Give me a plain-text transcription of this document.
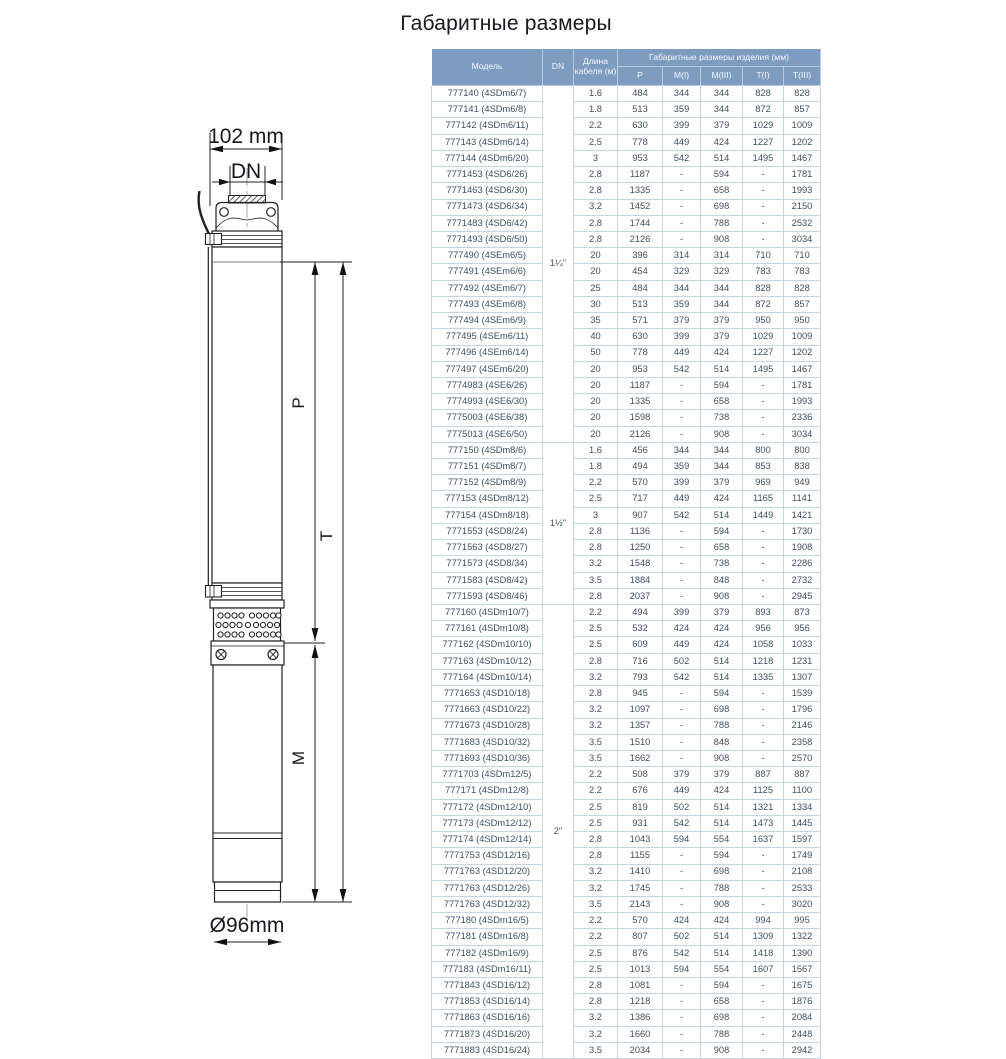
Габаритные размеры
102 mm
DN
P
M
T
Ø96mm
Модель	DN	Длина кабеля (м)	Габаритные размеры изделия (мм)				
			P	M(I)	M(III)	T(I)	T(III)
777140 (4SDm6/7)	1¼"	1.6	484	344	344	828	828
777141 (4SDm6/8)		1.8	513	359	344	872	857
777142 (4SDm6/11)		2.2	630	399	379	1029	1009
777143 (4SDm6/14)		2.5	778	449	424	1227	1202
777144 (4SDm6/20)		3	953	542	514	1495	1467
7771453 (4SD6/26)		2.8	1187	-	594	-	1781
7771463 (4SD6/30)		2.8	1335	-	658	-	1993
7771473 (4SD6/34)		3.2	1452	-	698	-	2150
7771483 (4SD6/42)		2.8	1744	-	788	-	2532
7771493 (4SD6/50)		2.8	2126	-	908	-	3034
777490 (4SEm6/5)		20	396	314	314	710	710
777491 (4SEm6/6)		20	454	329	329	783	783
777492 (4SEm6/7)		25	484	344	344	828	828
777493 (4SEm6/8)		30	513	359	344	872	857
777494 (4SEm6/9)		35	571	379	379	950	950
777495 (4SEm6/11)		40	630	399	379	1029	1009
777496 (4SEm6/14)		50	778	449	424	1227	1202
777497 (4SEm6/20)		20	953	542	514	1495	1467
7774983 (4SE6/26)		20	1187	-	594	-	1781
7774993 (4SE6/30)		20	1335	-	658	-	1993
7775003 (4SE6/38)		20	1598	-	738	-	2336
7775013 (4SE6/50)		20	2126	-	908	-	3034
777150 (4SDm8/6)	1½"	1.6	456	344	344	800	800
777151 (4SDm8/7)		1.8	494	359	344	853	838
777152 (4SDm8/9)		2.2	570	399	379	969	949
777153 (4SDm8/12)		2.5	717	449	424	1165	1141
777154 (4SDm8/18)		3	907	542	514	1449	1421
7771553 (4SD8/24)		2.8	1136	-	594	-	1730
7771563 (4SD8/27)		2.8	1250	-	658	-	1908
7771573 (4SD8/34)		3.2	1548	-	738	-	2286
7771583 (4SD8/42)		3.5	1884	-	848	-	2732
7771593 (4SD8/46)		2.8	2037	-	908	-	2945
777160 (4SDm10/7)	2"	2.2	494	399	379	893	873
777161 (4SDm10/8)		2.5	532	424	424	956	956
777162 (4SDm10/10)		2.5	609	449	424	1058	1033
777163 (4SDm10/12)		2.8	716	502	514	1218	1231
777164 (4SDm10/14)		3.2	793	542	514	1335	1307
7771653 (4SD10/18)		2.8	945	-	594	-	1539
7771663 (4SD10/22)		3.2	1097	-	698	-	1796
7771673 (4SD10/28)		3.2	1357	-	788	-	2146
7771683 (4SD10/32)		3.5	1510	-	848	-	2358
7771693 (4SD10/36)		3.5	1662	-	908	-	2570
7771703 (4SDm12/5)		2.2	508	379	379	887	887
777171 (4SDm12/8)		2.2	676	449	424	1125	1100
777172 (4SDm12/10)		2.5	819	502	514	1321	1334
777173 (4SDm12/12)		2.5	931	542	514	1473	1445
777174 (4SDm12/14)		2.8	1043	594	554	1637	1597
7771753 (4SD12/16)		2.8	1155	-	594	-	1749
7771763 (4SD12/20)		3.2	1410	-	698	-	2108
7771763 (4SD12/26)		3.2	1745	-	788	-	2533
7771763 (4SD12/32)		3.5	2143	-	908	-	3020
777180 (4SDm16/5)		2.2	570	424	424	994	995
777181 (4SDm16/8)		2.2	807	502	514	1309	1322
777182 (4SDm16/9)		2.5	876	542	514	1418	1390
777183 (4SDm16/11)		2.5	1013	594	554	1607	1567
7771843 (4SD16/12)		2.8	1081	-	594	-	1675
7771853 (4SD16/14)		2.8	1218	-	658	-	1876
7771863 (4SD16/16)		3.2	1386	-	698	-	2084
7771873 (4SD16/20)		3.2	1660	-	788	-	2448
7771883 (4SD16/24)		3.5	2034	-	908	-	2942
